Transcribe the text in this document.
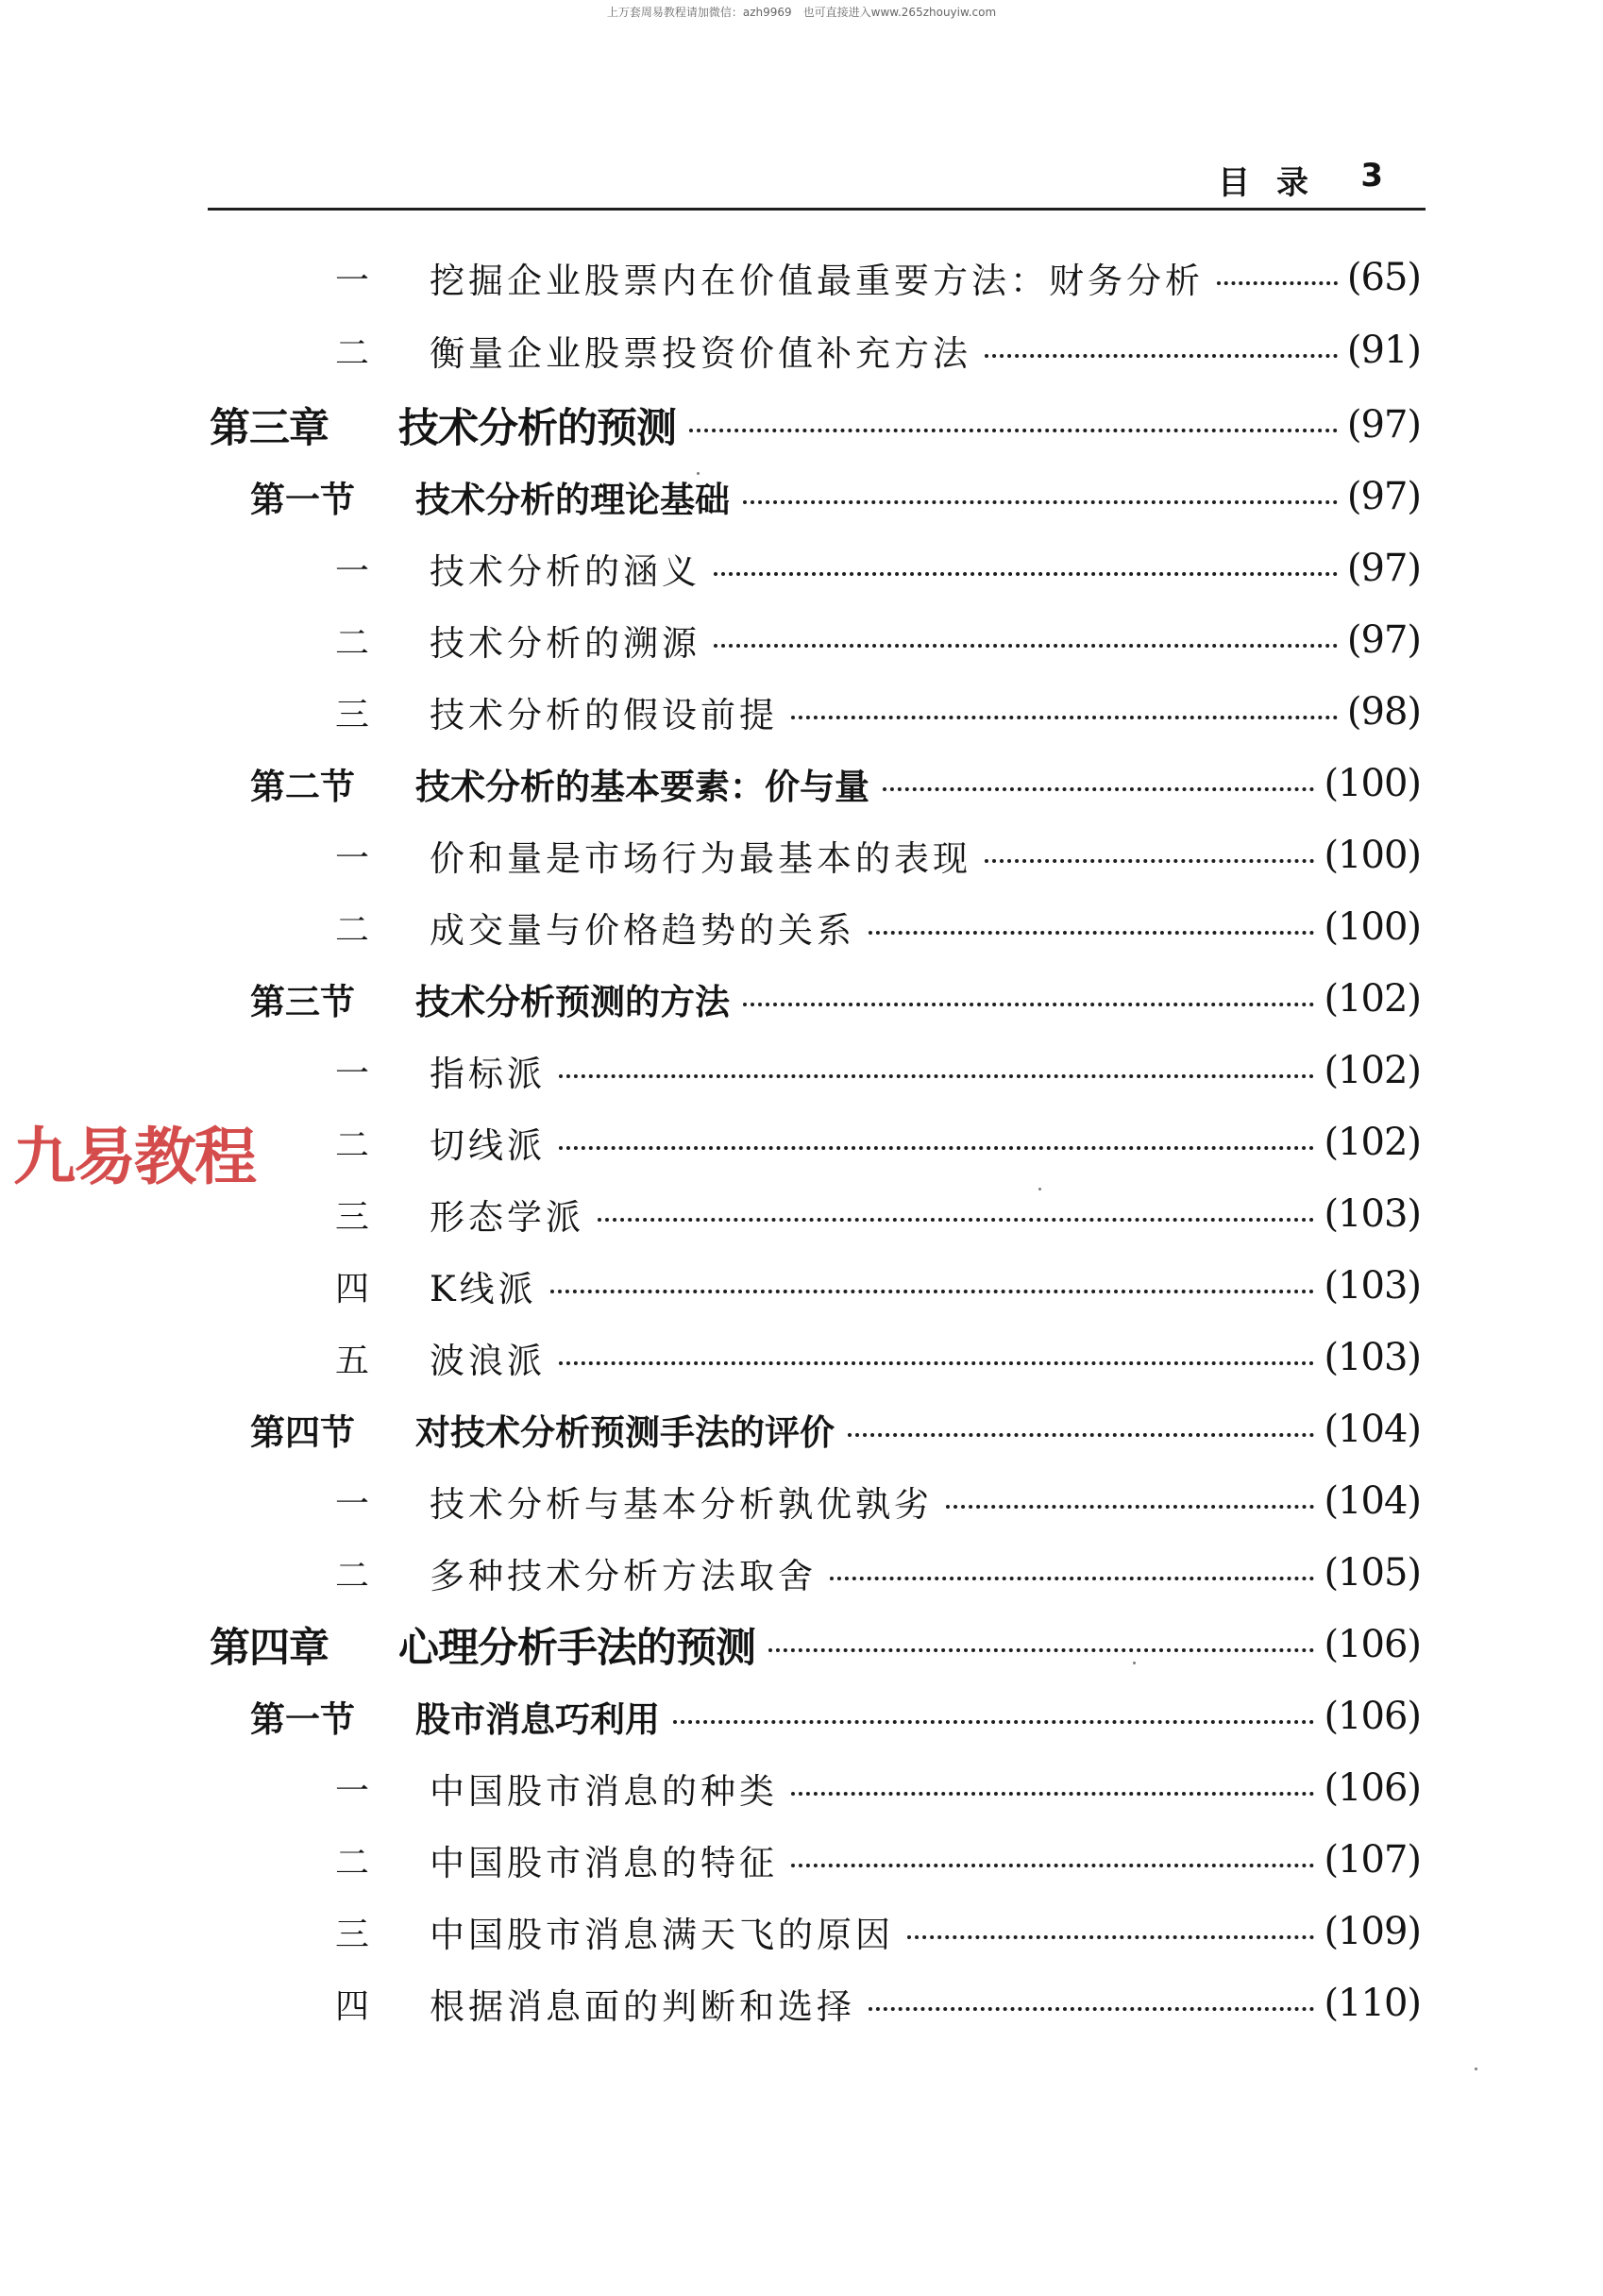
上万套周易教程请加微信：azh9969　也可直接进入www.265zhouyiw.com
目录 3
一	挖掘企业股票内在价值最重要方法：财务分析	(65)
二	衡量企业股票投资价值补充方法	(91)
第三章	技术分析的预测	(97)
第一节	技术分析的理论基础	(97)
一	技术分析的涵义	(97)
二	技术分析的溯源	(97)
三	技术分析的假设前提	(98)
第二节	技术分析的基本要素：价与量	(100)
一	价和量是市场行为最基本的表现	(100)
二	成交量与价格趋势的关系	(100)
第三节	技术分析预测的方法	(102)
一	指标派	(102)
二	切线派	(102)
三	形态学派	(103)
四	K线派	(103)
五	波浪派	(103)
第四节	对技术分析预测手法的评价	(104)
一	技术分析与基本分析孰优孰劣	(104)
二	多种技术分析方法取舍	(105)
第四章	心理分析手法的预测	(106)
第一节	股市消息巧利用	(106)
一	中国股市消息的种类	(106)
二	中国股市消息的特征	(107)
三	中国股市消息满天飞的原因	(109)
四	根据消息面的判断和选择	(110)
九易教程
